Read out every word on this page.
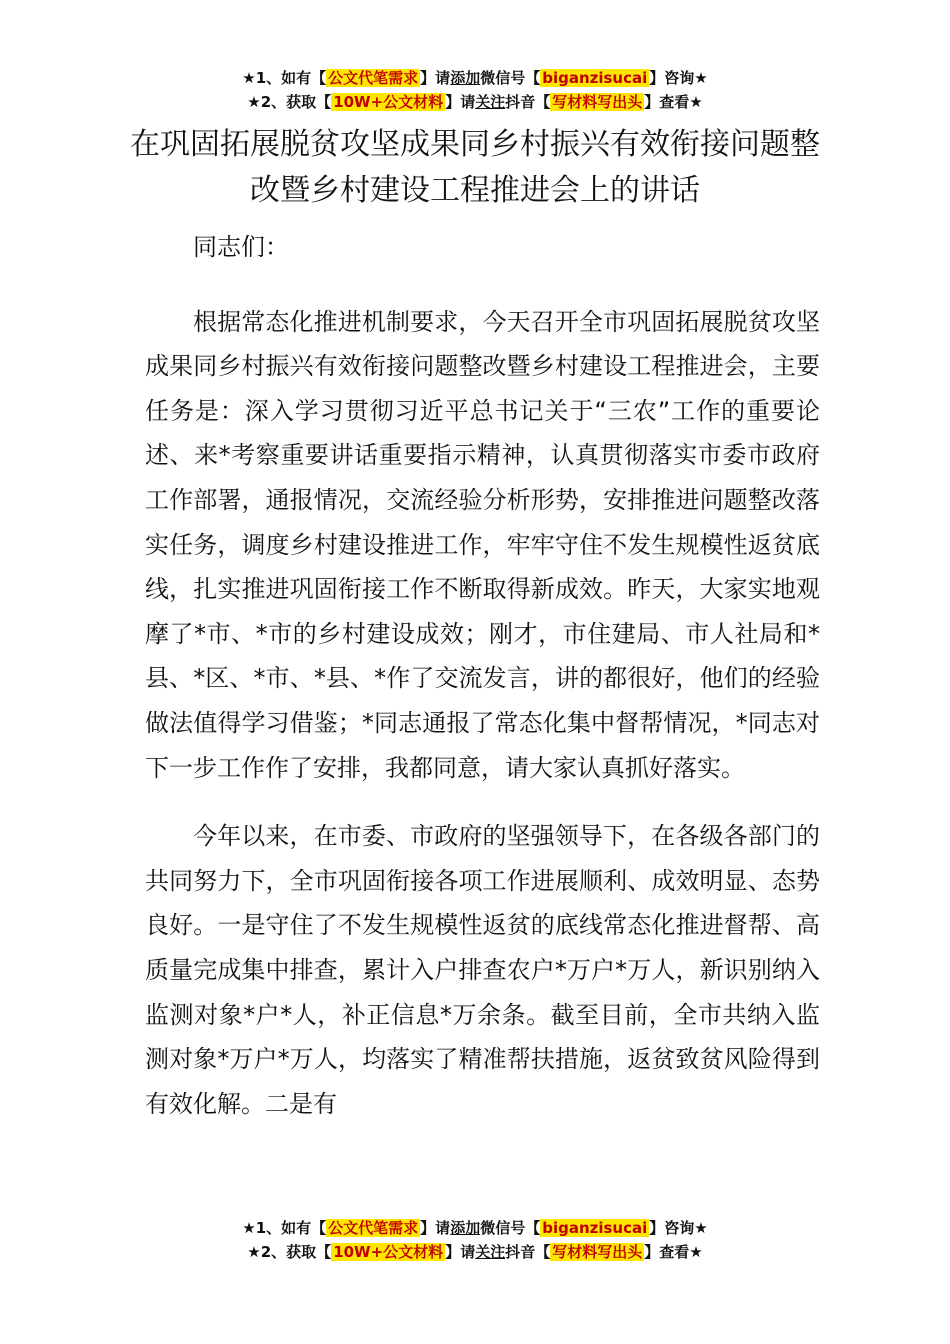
★1、如有【 公文代笔需求 】请添加微信号【 biganzisucai 】咨询★
★2、获取【 10W+公文材料 】请关注抖音【 写材料写出头 】查看★
在巩固拓展脱贫攻坚成果同乡村振兴有效衔接问题整改暨乡村建设工程推进会上的讲话

同志们：

根据常态化推进机制要求，今天召开全市巩固拓展脱贫攻坚成果同乡村振兴有效衔接问题整改暨乡村建设工程推进会，主要任务是：深入学习贯彻习近平总书记关于“三农”工作的重要论述、来*考察重要讲话重要指示精神，认真贯彻落实市委市政府工作部署，通报情况，交流经验分析形势，安排推进问题整改落实任务，调度乡村建设推进工作，牢牢守住不发生规模性返贫底线，扎实推进巩固衔接工作不断取得新成效。昨天，大家实地观摩了*市、*市的乡村建设成效；刚才，市住建局、市人社局和*县、*区、*市、*县、*作了交流发言，讲的都很好，他们的经验做法值得学习借鉴；*同志通报了常态化集中督帮情况，*同志对下一步工作作了安排，我都同意，请大家认真抓好落实。

今年以来，在市委、市政府的坚强领导下，在各级各部门的共同努力下，全市巩固衔接各项工作进展顺利、成效明显、态势良好。一是守住了不发生规模性返贫的底线常态化推进督帮、高质量完成集中排查，累计入户排查农户*万户*万人，新识别纳入监测对象*户*人，补正信息*万余条。截至目前，全市共纳入监测对象*万户*万人，均落实了精准帮扶措施，返贫致贫风险得到有效化解。二是有

★1、如有【 公文代笔需求 】请添加微信号【 biganzisucai 】咨询★
★2、获取【 10W+公文材料 】请关注抖音【 写材料写出头 】查看★
